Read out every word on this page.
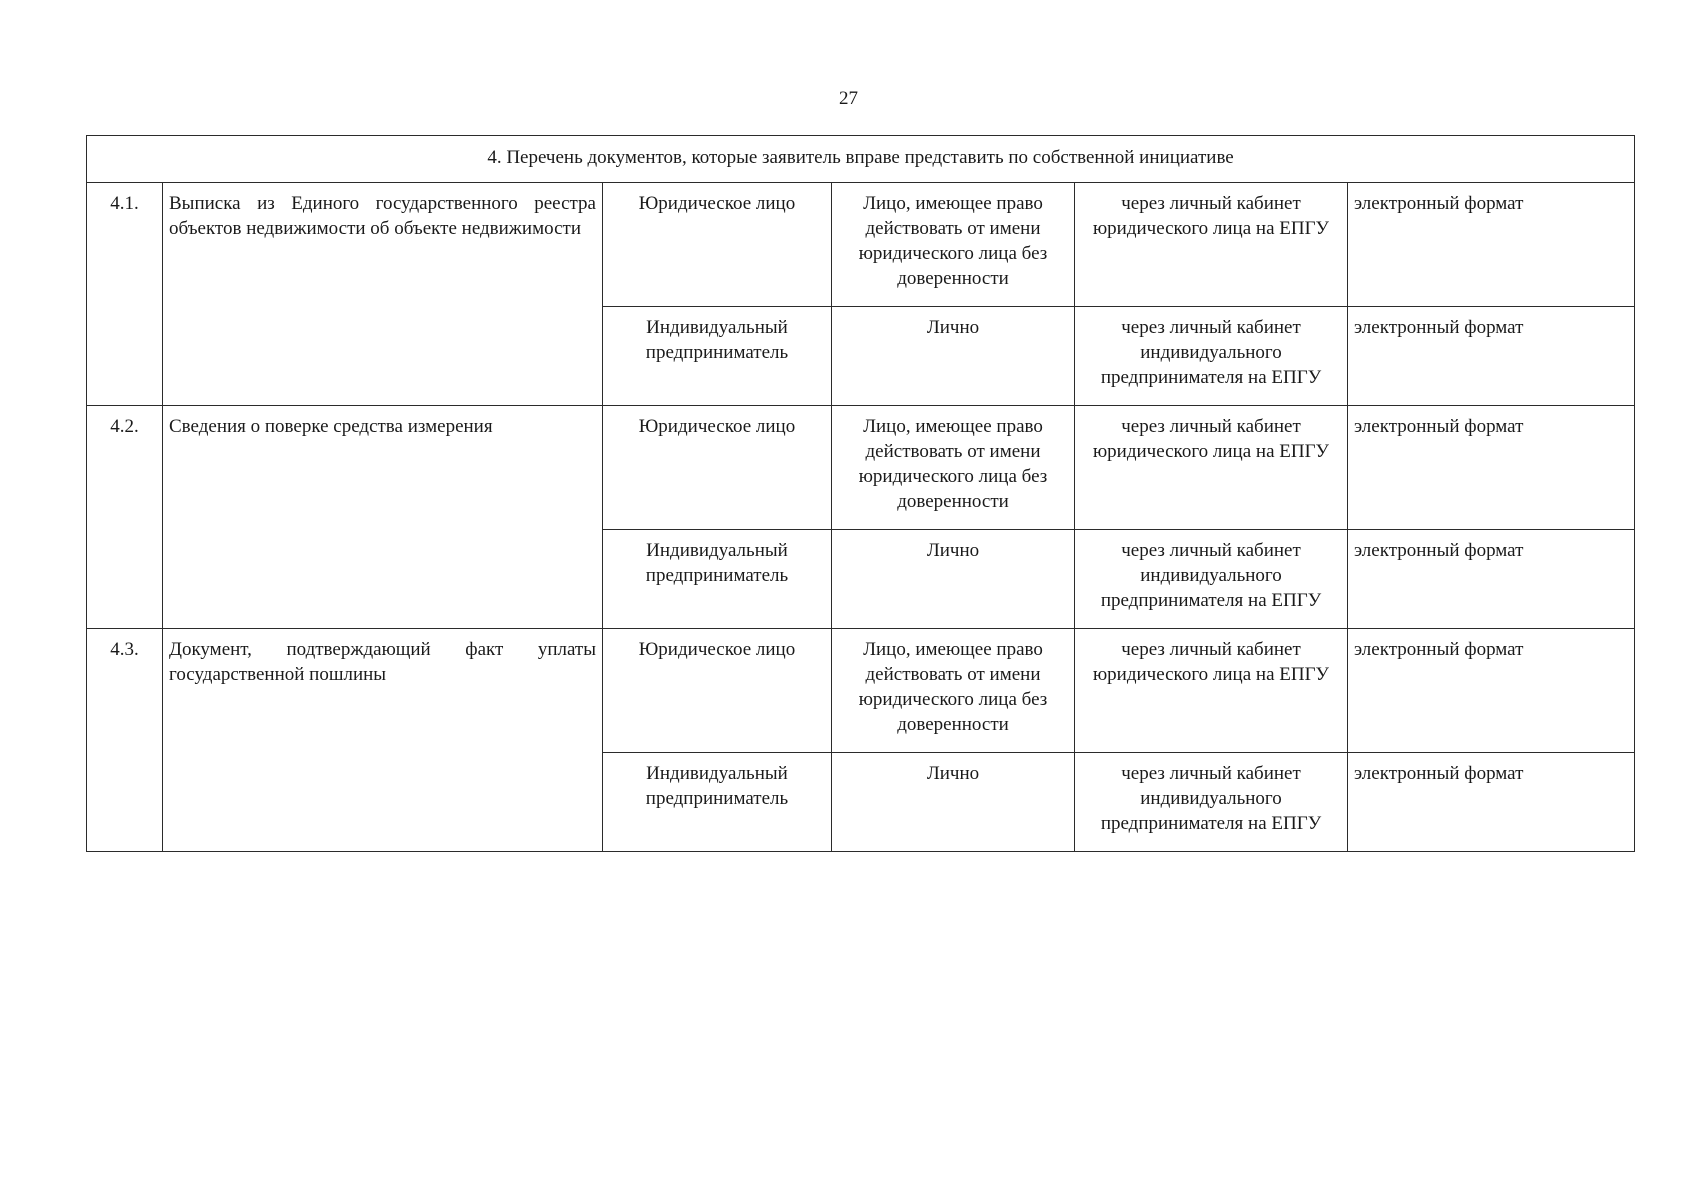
27
4. Перечень документов, которые заявитель вправе представить по собственной инициативе					
4.1.	Выписка из Единого государственного реестра объектов недвижимости об объекте недвижимости	Юридическое лицо	Лицо, имеющее право действовать от имени юридического лица без доверенности	через личный кабинет юридического лица на ЕПГУ	электронный формат
		Индивидуальный предприниматель	Лично	через личный кабинет индивидуального предпринимателя на ЕПГУ	электронный формат
4.2.	Сведения о поверке средства измерения	Юридическое лицо	Лицо, имеющее право действовать от имени юридического лица без доверенности	через личный кабинет юридического лица на ЕПГУ	электронный формат
		Индивидуальный предприниматель	Лично	через личный кабинет индивидуального предпринимателя на ЕПГУ	электронный формат
4.3.	Документ, подтверждающий факт уплаты государственной пошлины	Юридическое лицо	Лицо, имеющее право действовать от имени юридического лица без доверенности	через личный кабинет юридического лица на ЕПГУ	электронный формат
		Индивидуальный предприниматель	Лично	через личный кабинет индивидуального предпринимателя на ЕПГУ	электронный формат
